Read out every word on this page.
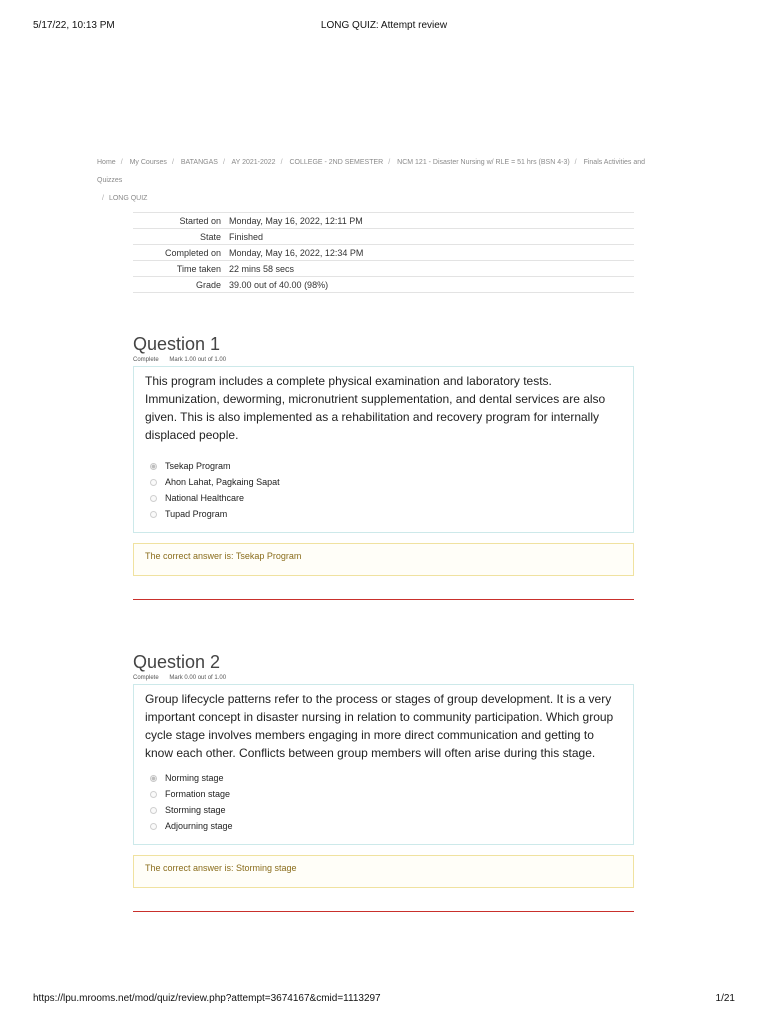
5/17/22, 10:13 PM	LONG QUIZ: Attempt review
Home / My Courses / BATANGAS / AY 2021-2022 / COLLEGE - 2ND SEMESTER / NCM 121 - Disaster Nursing w/ RLE = 51 hrs (BSN 4-3) / Finals Activities and Quizzes
/ LONG QUIZ
Started on	Monday, May 16, 2022, 12:11 PM
State	Finished
Completed on	Monday, May 16, 2022, 12:34 PM
Time taken	22 mins 58 secs
Grade	39.00 out of 40.00 (98%)
Question 1
Complete Mark 1.00 out of 1.00
This program includes a complete physical examination and laboratory tests. Immunization, deworming, micronutrient supplementation, and dental services are also given. This is also implemented as a rehabilitation and recovery program for internally displaced people.
Tsekap Program
Ahon Lahat, Pagkaing Sapat
National Healthcare
Tupad Program
The correct answer is: Tsekap Program
Question 2
Complete Mark 0.00 out of 1.00
Group lifecycle patterns refer to the process or stages of group development. It is a very important concept in disaster nursing in relation to community participation. Which group cycle stage involves members engaging in more direct communication and getting to know each other. Conflicts between group members will often arise during this stage.
Norming stage
Formation stage
Storming stage
Adjourning stage
The correct answer is: Storming stage
https://lpu.mrooms.net/mod/quiz/review.php?attempt=3674167&cmid=1113297	1/21
